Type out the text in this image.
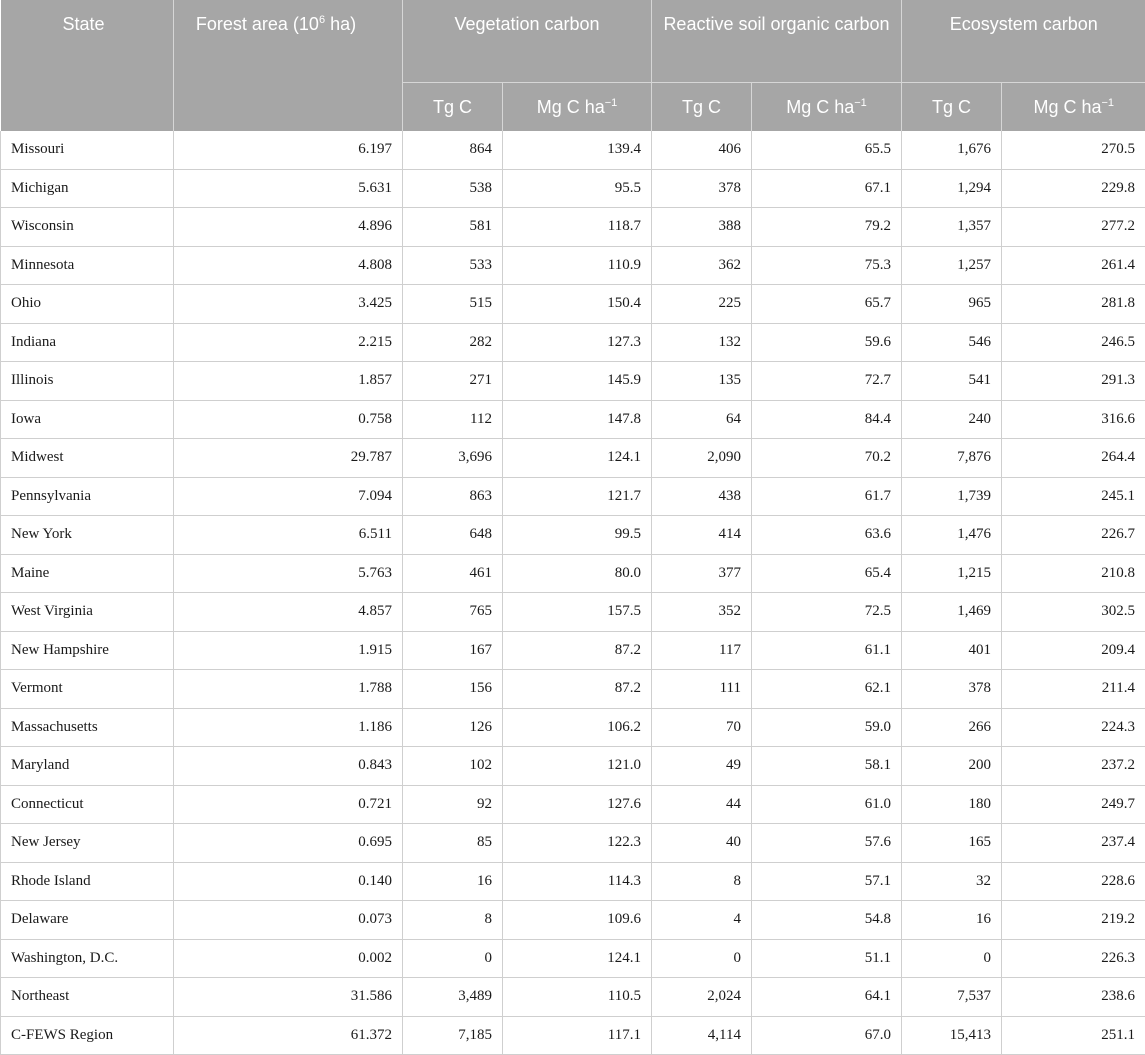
State	Forest area ($10^6$ ha)	Vegetation carbon		Reactive soil organic carbon		Ecosystem carbon	
		Tg C	Mg C $ha^{-1}$	Tg C	Mg C $ha^{-1}$	Tg C	Mg C $ha^{-1}$
Missouri	6.197	864	139.4	406	65.5	1,676	270.5
Michigan	5.631	538	95.5	378	67.1	1,294	229.8
Wisconsin	4.896	581	118.7	388	79.2	1,357	277.2
Minnesota	4.808	533	110.9	362	75.3	1,257	261.4
Ohio	3.425	515	150.4	225	65.7	965	281.8
Indiana	2.215	282	127.3	132	59.6	546	246.5
Illinois	1.857	271	145.9	135	72.7	541	291.3
Iowa	0.758	112	147.8	64	84.4	240	316.6
Midwest	29.787	3,696	124.1	2,090	70.2	7,876	264.4
Pennsylvania	7.094	863	121.7	438	61.7	1,739	245.1
New York	6.511	648	99.5	414	63.6	1,476	226.7
Maine	5.763	461	80.0	377	65.4	1,215	210.8
West Virginia	4.857	765	157.5	352	72.5	1,469	302.5
New Hampshire	1.915	167	87.2	117	61.1	401	209.4
Vermont	1.788	156	87.2	111	62.1	378	211.4
Massachusetts	1.186	126	106.2	70	59.0	266	224.3
Maryland	0.843	102	121.0	49	58.1	200	237.2
Connecticut	0.721	92	127.6	44	61.0	180	249.7
New Jersey	0.695	85	122.3	40	57.6	165	237.4
Rhode Island	0.140	16	114.3	8	57.1	32	228.6
Delaware	0.073	8	109.6	4	54.8	16	219.2
Washington, D.C.	0.002	0	124.1	0	51.1	0	226.3
Northeast	31.586	3,489	110.5	2,024	64.1	7,537	238.6
C-FEWS Region	61.372	7,185	117.1	4,114	67.0	15,413	251.1
